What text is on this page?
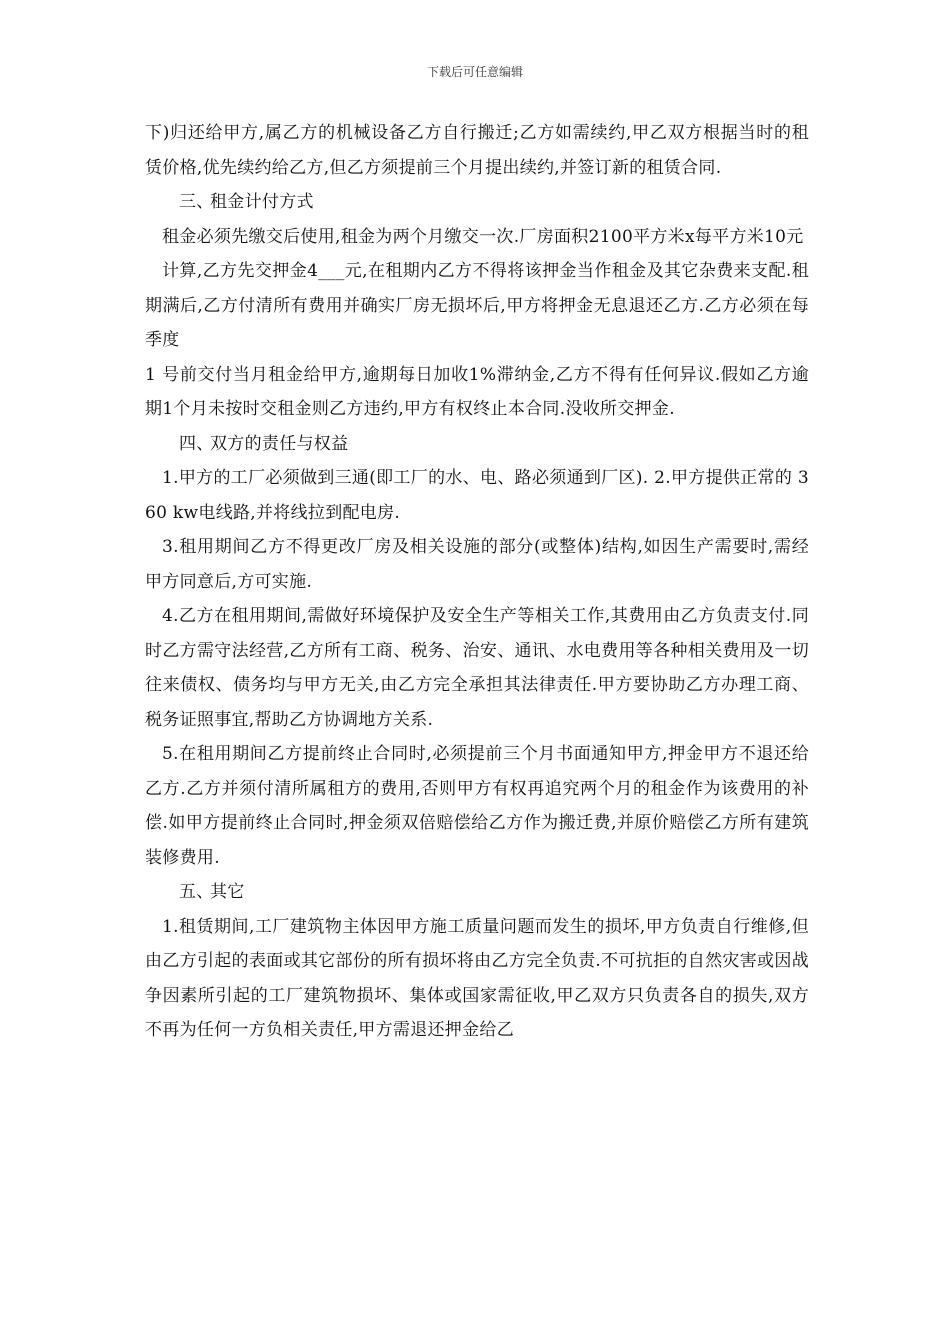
下载后可任意编辑

下)归还给甲方,属乙方的机械设备乙方自行搬迁;乙方如需续约,甲乙双方根据当时的租赁价格,优先续约给乙方,但乙方须提前三个月提出续约,并签订新的租赁合同.

三、租金计付方式

租金必须先缴交后使用,租金为两个月缴交一次.厂房面积2100平方米x每平方米10元

计算,乙方先交押金4___元,在租期内乙方不得将该押金当作租金及其它杂费来支配.租期满后,乙方付清所有费用并确实厂房无损坏后,甲方将押金无息退还乙方.乙方必须在每季度

1 号前交付当月租金给甲方,逾期每日加收1%滞纳金,乙方不得有任何异议.假如乙方逾期1个月未按时交租金则乙方违约,甲方有权终止本合同.没收所交押金.

四、双方的责任与权益

1.甲方的工厂必须做到三通(即工厂的水、电、路必须通到厂区). 2.甲方提供正常的 360 kw电线路,并将线拉到配电房.

3.租用期间乙方不得更改厂房及相关设施的部分(或整体)结构,如因生产需要时,需经甲方同意后,方可实施.

4.乙方在租用期间,需做好环境保护及安全生产等相关工作,其费用由乙方负责支付.同时乙方需守法经营,乙方所有工商、税务、治安、通讯、水电费用等各种相关费用及一切往来债权、债务均与甲方无关,由乙方完全承担其法律责任.甲方要协助乙方办理工商、税务证照事宜,帮助乙方协调地方关系.

5.在租用期间乙方提前终止合同时,必须提前三个月书面通知甲方,押金甲方不退还给乙方.乙方并须付清所属租方的费用,否则甲方有权再追究两个月的租金作为该费用的补偿.如甲方提前终止合同时,押金须双倍赔偿给乙方作为搬迁费,并原价赔偿乙方所有建筑装修费用.

五、其它

1.租赁期间,工厂建筑物主体因甲方施工质量问题而发生的损坏,甲方负责自行维修,但由乙方引起的表面或其它部份的所有损坏将由乙方完全负责.不可抗拒的自然灾害或因战争因素所引起的工厂建筑物损坏、集体或国家需征收,甲乙双方只负责各自的损失,双方不再为任何一方负相关责任,甲方需退还押金给乙
